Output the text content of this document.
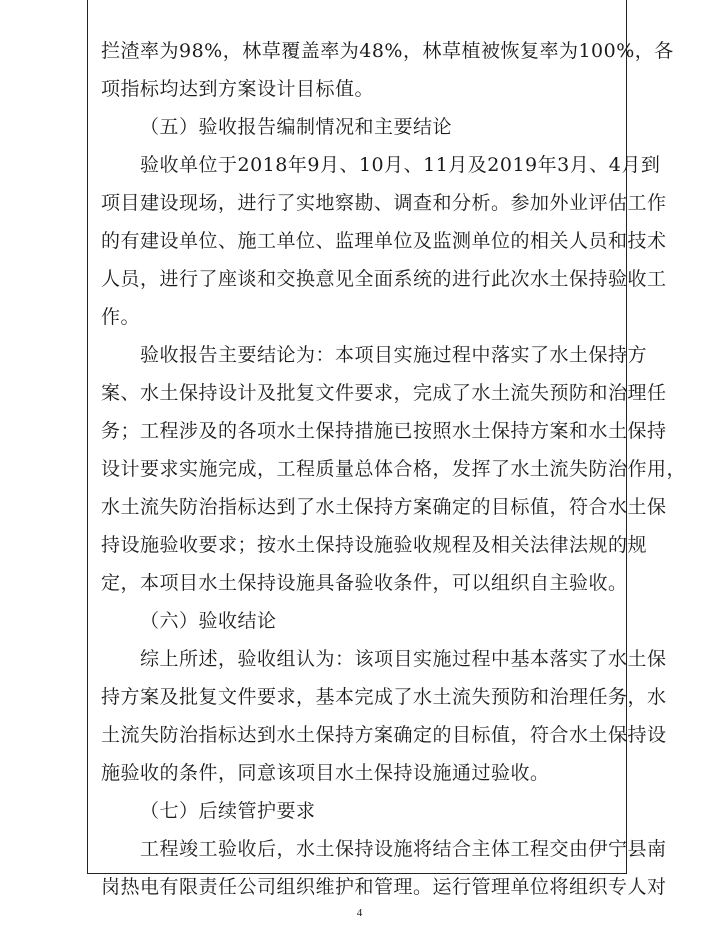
拦渣率为98%，林草覆盖率为48%，林草植被恢复率为100%，各
项指标均达到方案设计目标值。
（五）验收报告编制情况和主要结论
验收单位于2018年9月、10月、11月及2019年3月、4月到
项目建设现场，进行了实地察勘、调查和分析。参加外业评估工作
的有建设单位、施工单位、监理单位及监测单位的相关人员和技术
人员，进行了座谈和交换意见全面系统的进行此次水土保持验收工
作。
验收报告主要结论为：本项目实施过程中落实了水土保持方
案、水土保持设计及批复文件要求，完成了水土流失预防和治理任
务；工程涉及的各项水土保持措施已按照水土保持方案和水土保持
设计要求实施完成，工程质量总体合格，发挥了水土流失防治作用，
水土流失防治指标达到了水土保持方案确定的目标值，符合水土保
持设施验收要求；按水土保持设施验收规程及相关法律法规的规
定，本项目水土保持设施具备验收条件，可以组织自主验收。
（六）验收结论
综上所述，验收组认为：该项目实施过程中基本落实了水土保
持方案及批复文件要求，基本完成了水土流失预防和治理任务，水
土流失防治指标达到水土保持方案确定的目标值，符合水土保持设
施验收的条件，同意该项目水土保持设施通过验收。
（七）后续管护要求
工程竣工验收后，水土保持设施将结合主体工程交由伊宁县南
岗热电有限责任公司组织维护和管理。运行管理单位将组织专人对
4
